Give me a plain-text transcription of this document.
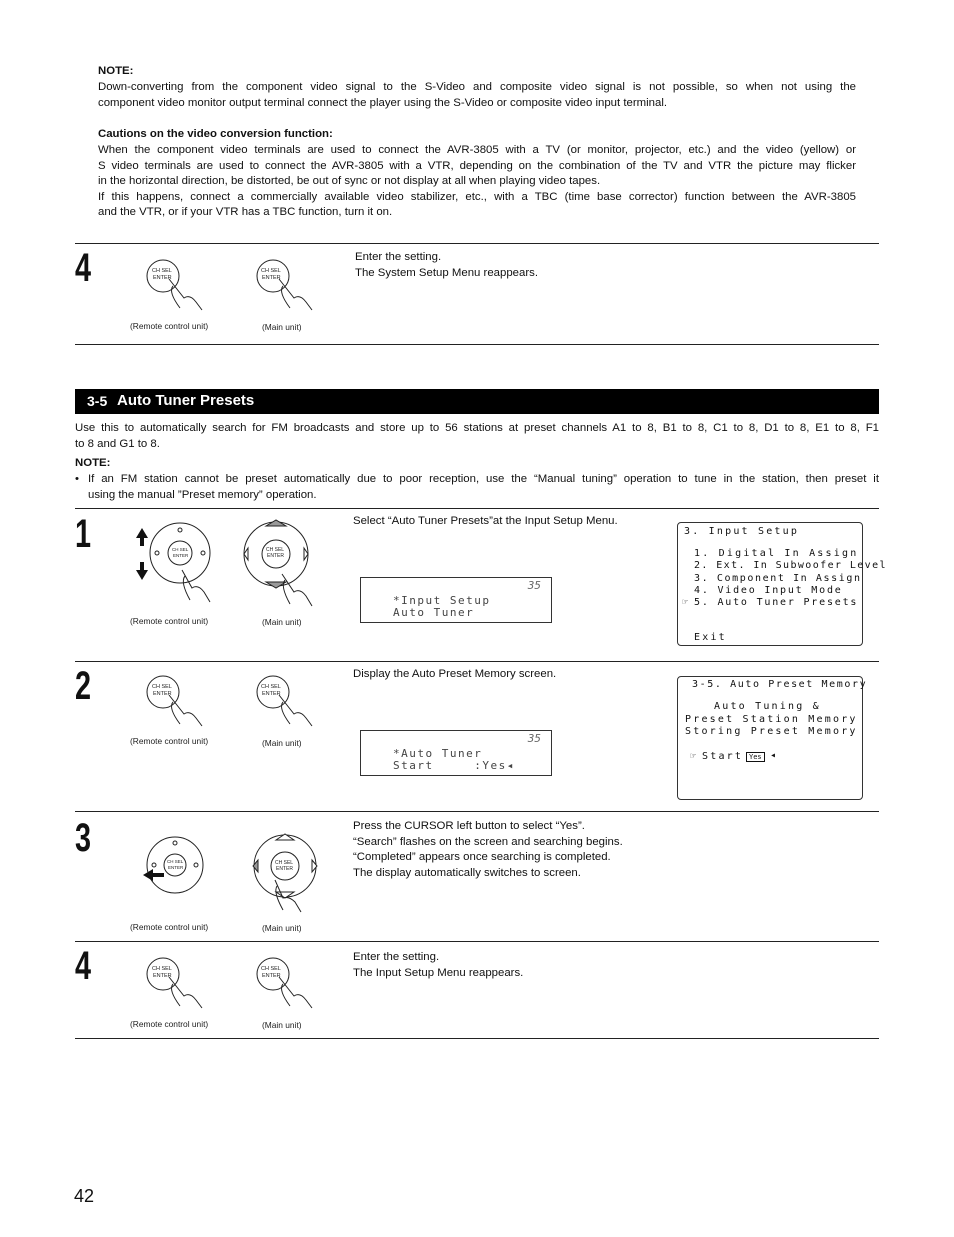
NOTE:
Down-converting from the component video signal to the S-Video and composite video signal is not possible, so when not using the
component video monitor output terminal connect the player using the S-Video or composite video input terminal.
Cautions on the video conversion function:
When the component video terminals are used to connect the AVR-3805 with a TV (or monitor, projector, etc.) and the video (yellow) or
S video terminals are used to connect the AVR-3805 with a VTR, depending on the combination of the TV and VTR the picture may flicker
in the horizontal direction, be distorted, be out of sync or not display at all when playing video tapes.
If this happens, connect a commercially available video stabilizer, etc., with a TBC (time base corrector) function between the AVR-3805
and the VTR, or if your VTR has a TBC function, turn it on.
4	CH SEL
ENTER
CH SEL
ENTER
(Remote control unit)	(Main unit)
Enter the setting.
The System Setup Menu reappears.
3-5 Auto Tuner Presets
Use this to automatically search for FM broadcasts and store up to 56 stations at preset channels A1 to 8, B1 to 8, C1 to 8, D1 to 8, E1 to 8, F1
to 8 and G1 to 8.
NOTE:
• If an FM station cannot be preset automatically due to poor reception, use the “Manual tuning” operation to tune in the station, then preset it
using the manual ”Preset memory” operation.
1	CH SEL
ENTER
CH SEL
ENTER
(Remote control unit)	(Main unit)
Select “Auto Tuner Presets”at the Input Setup Menu.
35
*Input Setup
Auto Tuner
3. Input Setup
1. Digital In Assign
2. Ext. In Subwoofer Level
3. Component In Assign
4. Video Input Mode
☞ 5. Auto Tuner Presets
Exit
2	CH SEL
ENTER
CH SEL
ENTER
(Remote control unit)	(Main unit)
Display the Auto Preset Memory screen.
35
*Auto Tuner
Start     :Yes◂
3-5. Auto Preset Memory
Auto Tuning &
Preset Station Memory
Storing Preset Memory
☞ Start Yes ◂
3
CH SEL
ENTER
CH SEL
ENTER
(Remote control unit)	(Main unit)
Press the CURSOR left button to select “Yes”.
“Search” flashes on the screen and searching begins.
“Completed” appears once searching is completed.
The display automatically switches to screen.
4	CH SEL
ENTER
CH SEL
ENTER
(Remote control unit)	(Main unit)
Enter the setting.
The Input Setup Menu reappears.
42
